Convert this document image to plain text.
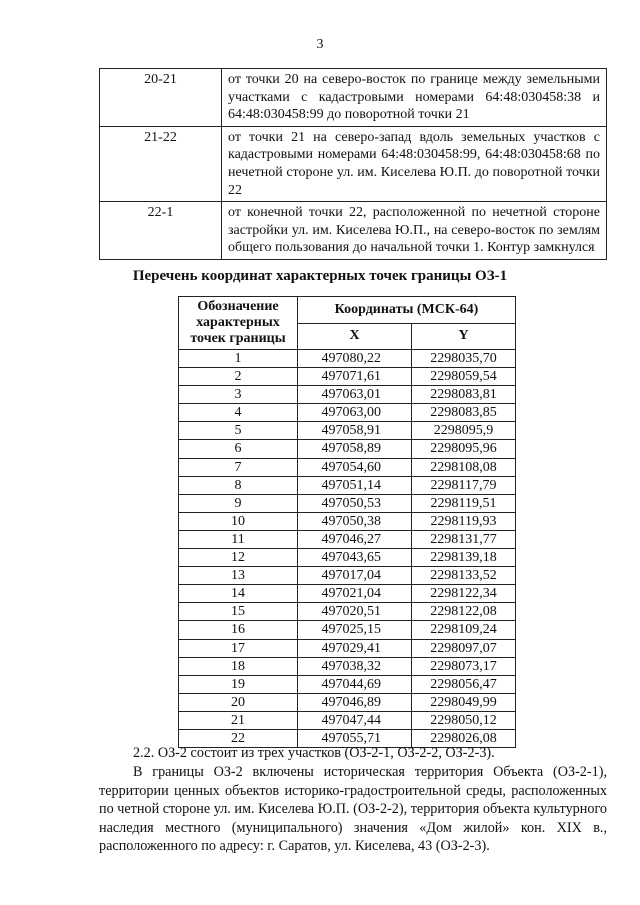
3
20-21	от точки 20 на северо-восток по границе между земельными участками с кадастровыми номерами 64:48:030458:38 и 64:48:030458:99 до поворотной точки 21
21-22	от точки 21 на северо-запад вдоль земельных участков с кадастровыми номерами 64:48:030458:99, 64:48:030458:68 по нечетной стороне ул. им. Киселева Ю.П. до поворотной точки 22
22-1	от конечной точки 22, расположенной по нечетной стороне застройки ул. им. Киселева Ю.П., на северо-восток по землям общего пользования до начальной точки 1. Контур замкнулся
Перечень координат характерных точек границы ОЗ-1
Обозначение характерных точек границы	Координаты (МСК-64)	
	X	Y
1	497080,22	2298035,70
2	497071,61	2298059,54
3	497063,01	2298083,81
4	497063,00	2298083,85
5	497058,91	2298095,9
6	497058,89	2298095,96
7	497054,60	2298108,08
8	497051,14	2298117,79
9	497050,53	2298119,51
10	497050,38	2298119,93
11	497046,27	2298131,77
12	497043,65	2298139,18
13	497017,04	2298133,52
14	497021,04	2298122,34
15	497020,51	2298122,08
16	497025,15	2298109,24
17	497029,41	2298097,07
18	497038,32	2298073,17
19	497044,69	2298056,47
20	497046,89	2298049,99
21	497047,44	2298050,12
22	497055,71	2298026,08

2.2. ОЗ-2 состоит из трех участков (ОЗ-2-1, ОЗ-2-2, ОЗ-2-3).

В границы ОЗ-2 включены историческая территория Объекта (ОЗ-2-1), территории ценных объектов историко-градостроительной среды, расположенных по четной стороне ул. им. Киселева Ю.П. (ОЗ-2-2), территория объекта культурного наследия местного (муниципального) значения «Дом жилой» кон. XIX в., расположенного по адресу: г. Саратов, ул. Киселева, 43 (ОЗ-2-3).
